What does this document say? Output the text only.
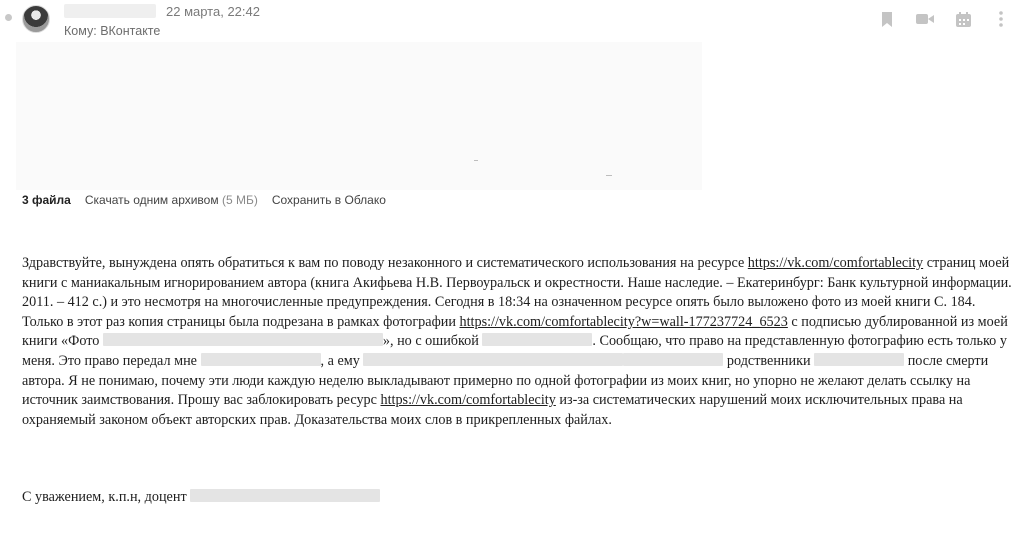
22 марта, 22:42
Кому: ВКонтакте
3 файла Скачать одним архивом (5 МБ) Сохранить в Облако

Здравствуйте, вынуждена опять обратиться к вам по поводу незаконного и систематического использования на ресурсе https://vk.com/comfortablecity страниц моей книги с маниакальным игнорированием автора (книга Акифьева Н.В. Первоуральск и окрестности. Наше наследие. – Екатеринбург: Банк культурной информации. 2011. – 412 с.) и это несмотря на многочисленные предупреждения. Сегодня в 18:34 на означенном ресурсе опять было выложено фото из моей книги С. 184. Только в этот раз копия страницы была подрезана в рамках фотографии https://vk.com/comfortablecity?w=wall-177237724_6523 с подписью дублированной из моей книги «Фото	», но с ошибкой	. Сообщаю, что право на представленную фотографию есть только у меня. Это право передал мне	, а ему	родственники	после смерти автора. Я не понимаю, почему эти люди каждую неделю выкладывают примерно по одной фотографии из моих книг, но упорно не желают делать ссылку на источник заимствования. Прошу вас заблокировать ресурс https://vk.com/comfortablecity из-за систематических нарушений моих исключительных права на охраняемый законом объект авторских прав. Доказательства моих слов в прикрепленных файлах.

С уважением, к.п.н, доцент
